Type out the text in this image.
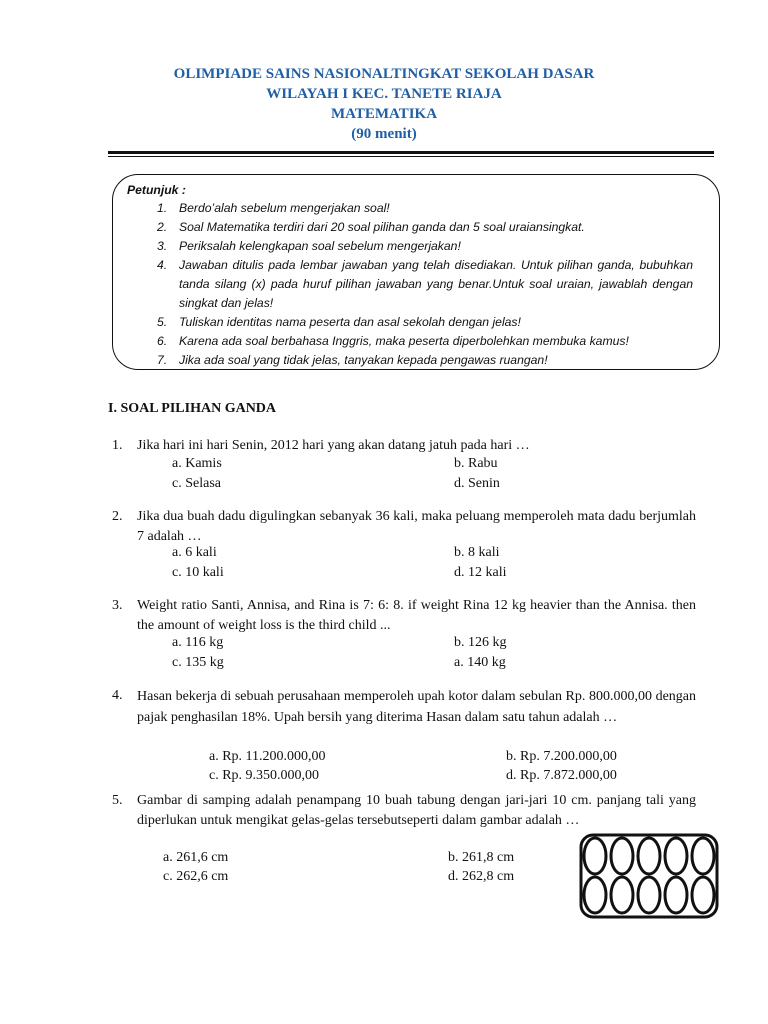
OLIMPIADE SAINS NASIONALTINGKAT SEKOLAH DASAR
WILAYAH I KEC. TANETE RIAJA
MATEMATIKA
(90 menit)
Petunjuk :
1. Berdo’alah sebelum mengerjakan soal!
2. Soal Matematika terdiri dari 20 soal pilihan ganda dan 5 soal uraiansingkat.
3. Periksalah kelengkapan soal sebelum mengerjakan!
4. Jawaban ditulis pada lembar jawaban yang telah disediakan. Untuk pilihan ganda, bubuhkan tanda silang (x) pada huruf pilihan jawaban yang benar.Untuk soal uraian, jawablah dengan singkat dan jelas!
5. Tuliskan identitas nama peserta dan asal sekolah dengan jelas!
6. Karena ada soal berbahasa Inggris, maka peserta diperbolehkan membuka kamus!
7. Jika ada soal yang tidak jelas, tanyakan kepada pengawas ruangan!
I. SOAL PILIHAN GANDA
1. Jika hari ini hari Senin, 2012 hari yang akan datang jatuh pada hari …
a. Kamis	b. Rabu
c. Selasa	d. Senin
2. Jika dua buah dadu digulingkan sebanyak 36 kali, maka peluang memperoleh mata dadu berjumlah 7 adalah …
a. 6 kali	b. 8 kali
c. 10 kali	d. 12 kali
3. Weight ratio Santi, Annisa, and Rina is 7: 6: 8. if weight Rina 12 kg heavier than the Annisa. then the amount of weight loss is the third child ...
a. 116 kg	b. 126 kg
c. 135 kg	a. 140 kg
4. Hasan bekerja di sebuah perusahaan memperoleh upah kotor dalam sebulan Rp. 800.000,00 dengan pajak penghasilan 18%. Upah bersih yang diterima Hasan dalam satu tahun adalah …
a. Rp. 11.200.000,00	b. Rp. 7.200.000,00
c. Rp. 9.350.000,00	d. Rp. 7.872.000,00
5. Gambar di samping adalah penampang 10 buah tabung dengan jari-jari 10 cm. panjang tali yang diperlukan untuk mengikat gelas-gelas tersebutseperti dalam gambar adalah …
a. 261,6 cm	b. 261,8 cm
c. 262,6 cm	d. 262,8 cm
